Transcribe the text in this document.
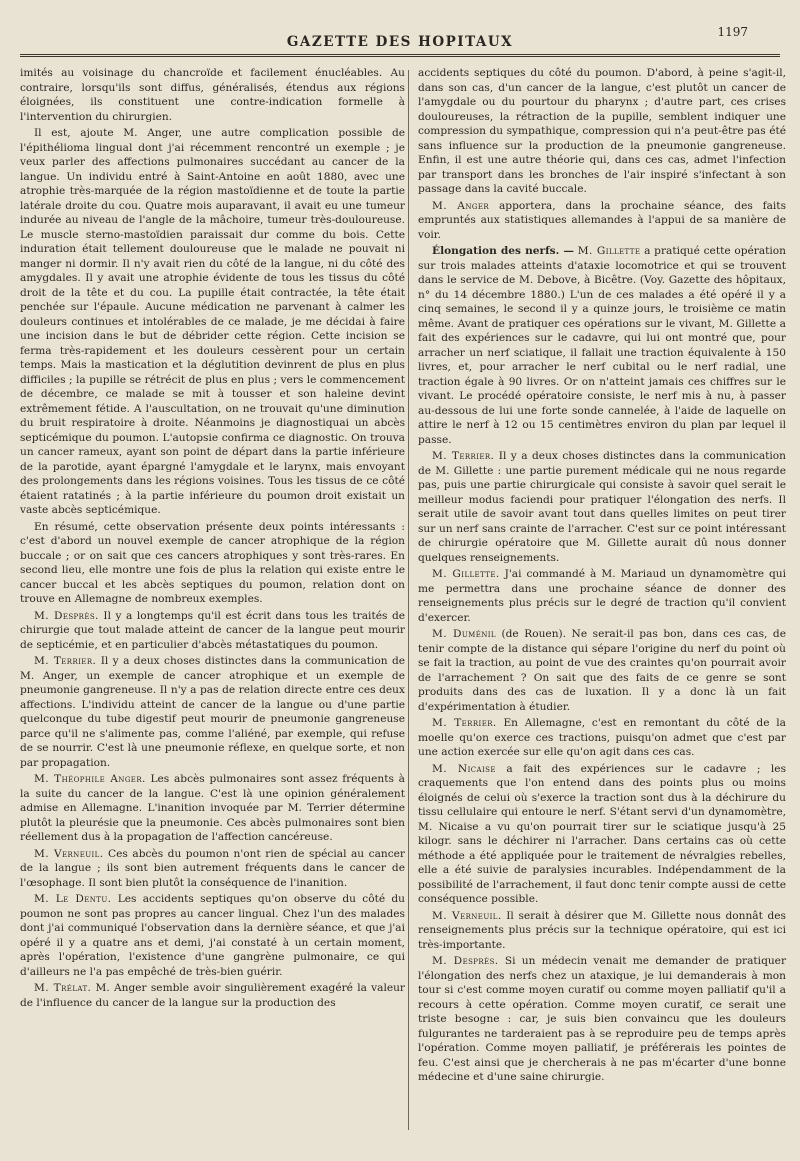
GAZETTE DES HOPITAUX
1197

imités au voisinage du chancroïde et facilement énucléables. Au contraire, lorsqu'ils sont diffus, généralisés, étendus aux régions éloignées, ils constituent une contre-indication formelle à l'intervention du chirurgien.

Il est, ajoute M. Anger, une autre complication possible de l'épithélioma lingual dont j'ai récemment rencontré un exemple ; je veux parler des affections pulmonaires succédant au cancer de la langue. Un individu entré à Saint-Antoine en août 1880, avec une atrophie très-marquée de la région mastoïdienne et de toute la partie latérale droite du cou. Quatre mois auparavant, il avait eu une tumeur indurée au niveau de l'angle de la mâchoire, tumeur très-douloureuse. Le muscle sterno-mastoïdien paraissait dur comme du bois. Cette induration était tellement douloureuse que le malade ne pouvait ni manger ni dormir. Il n'y avait rien du côté de la langue, ni du côté des amygdales. Il y avait une atrophie évidente de tous les tissus du côté droit de la tête et du cou. La pupille était contractée, la tête était penchée sur l'épaule. Aucune médication ne parvenant à calmer les douleurs continues et intolérables de ce malade, je me décidai à faire une incision dans le but de débrider cette région. Cette incision se ferma très-rapidement et les douleurs cessèrent pour un certain temps. Mais la mastication et la déglutition devinrent de plus en plus difficiles ; la pupille se rétrécit de plus en plus ; vers le commencement de décembre, ce malade se mit à tousser et son haleine devint extrêmement fétide. A l'auscultation, on ne trouvait qu'une diminution du bruit respiratoire à droite. Néanmoins je diagnostiquai un abcès septicémique du poumon. L'autopsie confirma ce diagnostic. On trouva un cancer rameux, ayant son point de départ dans la partie inférieure de la parotide, ayant épargné l'amygdale et le larynx, mais envoyant des prolongements dans les régions voisines. Tous les tissus de ce côté étaient ratatinés ; à la partie inférieure du poumon droit existait un vaste abcès septicémique.

En résumé, cette observation présente deux points intéressants : c'est d'abord un nouvel exemple de cancer atrophique de la région buccale ; or on sait que ces cancers atrophiques y sont très-rares. En second lieu, elle montre une fois de plus la relation qui existe entre le cancer buccal et les abcès septiques du poumon, relation dont on trouve en Allemagne de nombreux exemples.

M. Desprès. Il y a longtemps qu'il est écrit dans tous les traités de chirurgie que tout malade atteint de cancer de la langue peut mourir de septicémie, et en particulier d'abcès métastatiques du poumon.

M. Terrier. Il y a deux choses distinctes dans la communication de M. Anger, un exemple de cancer atrophique et un exemple de pneumonie gangreneuse. Il n'y a pas de relation directe entre ces deux affections. L'individu atteint de cancer de la langue ou d'une partie quelconque du tube digestif peut mourir de pneumonie gangreneuse parce qu'il ne s'alimente pas, comme l'aliéné, par exemple, qui refuse de se nourrir. C'est là une pneumonie réflexe, en quelque sorte, et non par propagation.

M. Théophile Anger. Les abcès pulmonaires sont assez fréquents à la suite du cancer de la langue. C'est là une opinion généralement admise en Allemagne. L'inanition invoquée par M. Terrier détermine plutôt la pleurésie que la pneumonie. Ces abcès pulmonaires sont bien réellement dus à la propagation de l'affection cancéreuse.

M. Verneuil. Ces abcès du poumon n'ont rien de spécial au cancer de la langue ; ils sont bien autrement fréquents dans le cancer de l'œsophage. Il sont bien plutôt la conséquence de l'inanition.

M. Le Dentu. Les accidents septiques qu'on observe du côté du poumon ne sont pas propres au cancer lingual. Chez l'un des malades dont j'ai communiqué l'observation dans la dernière séance, et que j'ai opéré il y a quatre ans et demi, j'ai constaté à un certain moment, après l'opération, l'existence d'une gangrène pulmonaire, ce qui d'ailleurs ne l'a pas empêché de très-bien guérir.

M. Trélat. M. Anger semble avoir singulièrement exagéré la valeur de l'influence du cancer de la langue sur la production des

accidents septiques du côté du poumon. D'abord, à peine s'agit-il, dans son cas, d'un cancer de la langue, c'est plutôt un cancer de l'amygdale ou du pourtour du pharynx ; d'autre part, ces crises douloureuses, la rétraction de la pupille, semblent indiquer une compression du sympathique, compression qui n'a peut-être pas été sans influence sur la production de la pneumonie gangreneuse. Enfin, il est une autre théorie qui, dans ces cas, admet l'infection par transport dans les bronches de l'air inspiré s'infectant à son passage dans la cavité buccale.

M. Anger apportera, dans la prochaine séance, des faits empruntés aux statistiques allemandes à l'appui de sa manière de voir.

Élongation des nerfs. — M. Gillette a pratiqué cette opération sur trois malades atteints d'ataxie locomotrice et qui se trouvent dans le service de M. Debove, à Bicêtre. (Voy. Gazette des hôpitaux, n° du 14 décembre 1880.) L'un de ces malades a été opéré il y a cinq semaines, le second il y a quinze jours, le troisième ce matin même. Avant de pratiquer ces opérations sur le vivant, M. Gillette a fait des expériences sur le cadavre, qui lui ont montré que, pour arracher un nerf sciatique, il fallait une traction équivalente à 150 livres, et, pour arracher le nerf cubital ou le nerf radial, une traction égale à 90 livres. Or on n'atteint jamais ces chiffres sur le vivant. Le procédé opératoire consiste, le nerf mis à nu, à passer au-dessous de lui une forte sonde cannelée, à l'aide de laquelle on attire le nerf à 12 ou 15 centimètres environ du plan par lequel il passe.

M. Terrier. Il y a deux choses distinctes dans la communication de M. Gillette : une partie purement médicale qui ne nous regarde pas, puis une partie chirurgicale qui consiste à savoir quel serait le meilleur modus faciendi pour pratiquer l'élongation des nerfs. Il serait utile de savoir avant tout dans quelles limites on peut tirer sur un nerf sans crainte de l'arracher. C'est sur ce point intéressant de chirurgie opératoire que M. Gillette aurait dû nous donner quelques renseignements.

M. Gillette. J'ai commandé à M. Mariaud un dynamomètre qui me permettra dans une prochaine séance de donner des renseignements plus précis sur le degré de traction qu'il convient d'exercer.

M. Duménil (de Rouen). Ne serait-il pas bon, dans ces cas, de tenir compte de la distance qui sépare l'origine du nerf du point où se fait la traction, au point de vue des craintes qu'on pourrait avoir de l'arrachement ? On sait que des faits de ce genre se sont produits dans des cas de luxation. Il y a donc là un fait d'expérimentation à étudier.

M. Terrier. En Allemagne, c'est en remontant du côté de la moelle qu'on exerce ces tractions, puisqu'on admet que c'est par une action exercée sur elle qu'on agit dans ces cas.

M. Nicaise a fait des expériences sur le cadavre ; les craquements que l'on entend dans des points plus ou moins éloignés de celui où s'exerce la traction sont dus à la déchirure du tissu cellulaire qui entoure le nerf. S'étant servi d'un dynamomètre, M. Nicaise a vu qu'on pourrait tirer sur le sciatique jusqu'à 25 kilogr. sans le déchirer ni l'arracher. Dans certains cas où cette méthode a été appliquée pour le traitement de névralgies rebelles, elle a été suivie de paralysies incurables. Indépendamment de la possibilité de l'arrachement, il faut donc tenir compte aussi de cette conséquence possible.

M. Verneuil. Il serait à désirer que M. Gillette nous donnât des renseignements plus précis sur la technique opératoire, qui est ici très-importante.

M. Desprès. Si un médecin venait me demander de pratiquer l'élongation des nerfs chez un ataxique, je lui demanderais à mon tour si c'est comme moyen curatif ou comme moyen palliatif qu'il a recours à cette opération. Comme moyen curatif, ce serait une triste besogne : car, je suis bien convaincu que les douleurs fulgurantes ne tarderaient pas à se reproduire peu de temps après l'opération. Comme moyen palliatif, je préférerais les pointes de feu. C'est ainsi que je chercherais à ne pas m'écarter d'une bonne médecine et d'une saine chirurgie.
